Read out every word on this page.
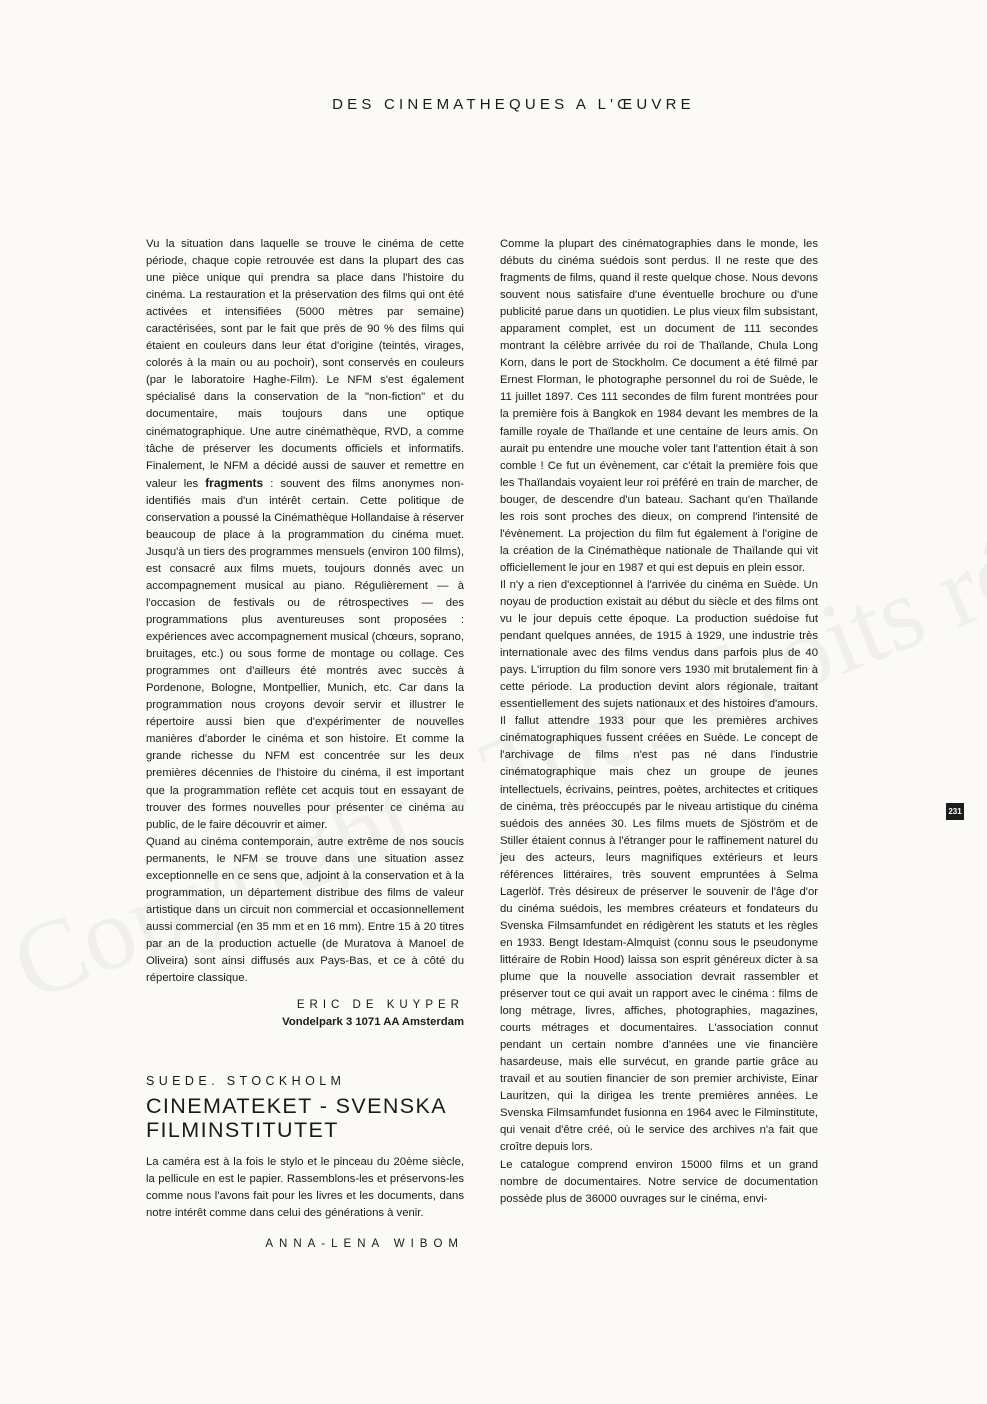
DES CINEMATHEQUES A L'ŒUVRE

Vu la situation dans laquelle se trouve le cinéma de cette période, chaque copie retrouvée est dans la plupart des cas une pièce unique qui prendra sa place dans l'histoire du cinéma. La restauration et la préservation des films qui ont été activées et intensifiées (5000 mètres par semaine) caractérisées, sont par le fait que près de 90 % des films qui étaient en couleurs dans leur état d'origine (teintés, virages, colorés à la main ou au pochoir), sont conservés en couleurs (par le laboratoire Haghe-Film). Le NFM s'est également spécialisé dans la conservation de la "non-fiction" et du documentaire, mais toujours dans une optique cinématographique. Une autre cinémathèque, RVD, a comme tâche de préserver les documents officiels et informatifs. Finalement, le NFM a décidé aussi de sauver et remettre en valeur les fragments : souvent des films anonymes non-identifiés mais d'un intérêt certain. Cette politique de conservation a poussé la Cinémathèque Hollandaise à réserver beaucoup de place à la programmation du cinéma muet. Jusqu'à un tiers des programmes mensuels (environ 100 films), est consacré aux films muets, toujours donnés avec un accompagnement musical au piano. Régulièrement — à l'occasion de festivals ou de rétrospectives — des programmations plus aventureuses sont proposées : expériences avec accompagnement musical (chœurs, soprano, bruitages, etc.) ou sous forme de montage ou collage. Ces programmes ont d'ailleurs été montrés avec succès à Pordenone, Bologne, Montpellier, Munich, etc. Car dans la programmation nous croyons devoir servir et illustrer le répertoire aussi bien que d'expérimenter de nouvelles manières d'aborder le cinéma et son histoire. Et comme la grande richesse du NFM est concentrée sur les deux premières décennies de l'histoire du cinéma, il est important que la programmation reflète cet acquis tout en essayant de trouver des formes nouvelles pour présenter ce cinéma au public, de le faire découvrir et aimer.

Quand au cinéma contemporain, autre extrême de nos soucis permanents, le NFM se trouve dans une situation assez exceptionnelle en ce sens que, adjoint à la conservation et à la programmation, un département distribue des films de valeur artistique dans un circuit non commercial et occasionnellement aussi commercial (en 35 mm et en 16 mm). Entre 15 à 20 titres par an de la production actuelle (de Muratova à Manoel de Oliveira) sont ainsi diffusés aux Pays-Bas, et ce à côté du répertoire classique.

ERIC DE KUYPER
Vondelpark 3 1071 AA Amsterdam
SUEDE. STOCKHOLM
CINEMATEKET - SVENSKA FILMINSTITUTET

La caméra est à la fois le stylo et le pinceau du 20ème siècle, la pellicule en est le papier. Rassemblons-les et préservons-les comme nous l'avons fait pour les livres et les documents, dans notre intérêt comme dans celui des générations à venir.

ANNA-LENA WIBOM

Comme la plupart des cinématographies dans le monde, les débuts du cinéma suédois sont perdus. Il ne reste que des fragments de films, quand il reste quelque chose. Nous devons souvent nous satisfaire d'une éventuelle brochure ou d'une publicité parue dans un quotidien. Le plus vieux film subsistant, apparament complet, est un document de 111 secondes montrant la célèbre arrivée du roi de Thaïlande, Chula Long Korn, dans le port de Stockholm. Ce document a été filmé par Ernest Florman, le photographe personnel du roi de Suède, le 11 juillet 1897. Ces 111 secondes de film furent montrées pour la première fois à Bangkok en 1984 devant les membres de la famille royale de Thaïlande et une centaine de leurs amis. On aurait pu entendre une mouche voler tant l'attention était à son comble ! Ce fut un évènement, car c'était la première fois que les Thaïlandais voyaient leur roi préféré en train de marcher, de bouger, de descendre d'un bateau. Sachant qu'en Thaïlande les rois sont proches des dieux, on comprend l'intensité de l'évènement. La projection du film fut également à l'origine de la création de la Cinémathèque nationale de Thaïlande qui vit officiellement le jour en 1987 et qui est depuis en plein essor.

Il n'y a rien d'exceptionnel à l'arrivée du cinéma en Suède. Un noyau de production existait au début du siècle et des films ont vu le jour depuis cette époque. La production suédoise fut pendant quelques années, de 1915 à 1929, une industrie très internationale avec des films vendus dans parfois plus de 40 pays. L'irruption du film sonore vers 1930 mit brutalement fin à cette période. La production devint alors régionale, traitant essentiellement des sujets nationaux et des histoires d'amours. Il fallut attendre 1933 pour que les premières archives cinématographiques fussent créées en Suède. Le concept de l'archivage de films n'est pas né dans l'industrie cinématographique mais chez un groupe de jeunes intellectuels, écrivains, peintres, poètes, architectes et critiques de cinéma, très préoccupés par le niveau artistique du cinéma suédois des années 30. Les films muets de Sjöström et de Stiller étaient connus à l'étranger pour le raffinement naturel du jeu des acteurs, leurs magnifiques extérieurs et leurs références littéraires, très souvent empruntées à Selma Lagerlöf. Très désireux de préserver le souvenir de l'âge d'or du cinéma suédois, les membres créateurs et fondateurs du Svenska Filmsamfundet en rédigèrent les statuts et les règles en 1933. Bengt Idestam-Almquist (connu sous le pseudonyme littéraire de Robin Hood) laissa son esprit généreux dicter à sa plume que la nouvelle association devrait rassembler et préserver tout ce qui avait un rapport avec le cinéma : films de long métrage, livres, affiches, photographies, magazines, courts métrages et documentaires. L'association connut pendant un certain nombre d'années une vie financière hasardeuse, mais elle survécut, en grande partie grâce au travail et au soutien financier de son premier archiviste, Einar Lauritzen, qui la dirigea les trente premières années. Le Svenska Filmsamfundet fusionna en 1964 avec le Filminstitute, qui venait d'être créé, où le service des archives n'a fait que croître depuis lors.

Le catalogue comprend environ 15000 films et un grand nombre de documentaires. Notre service de documentation possède plus de 36000 ouvrages sur le cinéma, envi-

231
